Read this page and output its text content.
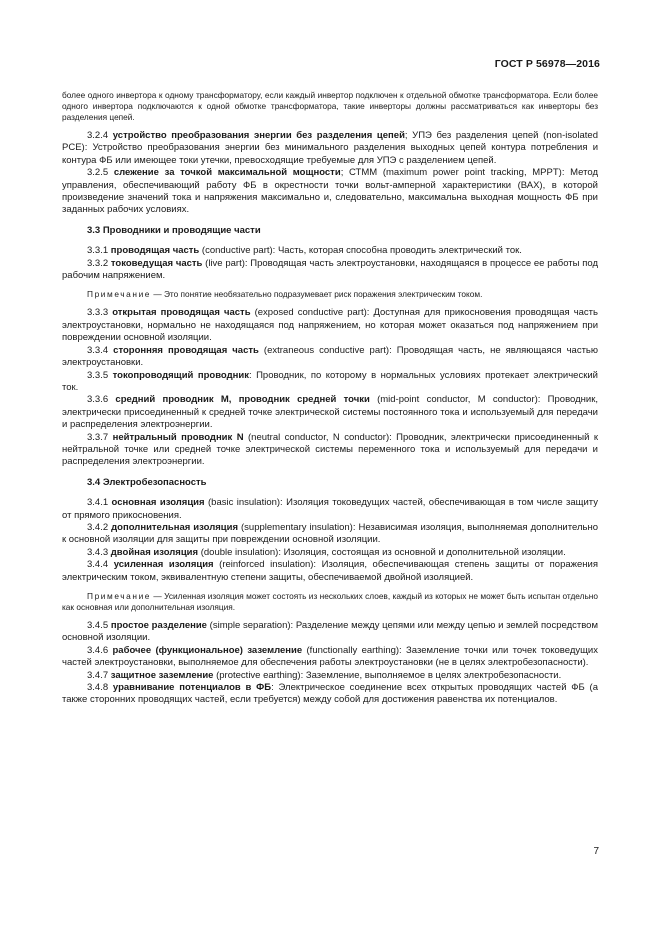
ГОСТ Р 56978—2016

более одного инвертора к одному трансформатору, если каждый инвертор подключен к отдельной обмотке трансформатора. Если более одного инвертора подключаются к одной обмотке трансформатора, такие инверторы должны рассматриваться как инверторы без разделения цепей.

3.2.4 устройство преобразования энергии без разделения цепей; УПЭ без разделения цепей (non-isolated PCE): Устройство преобразования энергии без минимального разделения выходных цепей контура потребления и контура ФБ или имеющее токи утечки, превосходящие требуемые для УПЭ с разделением цепей.

3.2.5 слежение за точкой максимальной мощности; СТММ (maximum power point tracking, MPPT): Метод управления, обеспечивающий работу ФБ в окрестности точки вольт-амперной характеристики (ВАХ), в которой произведение значений тока и напряжения максимально и, следовательно, максимальна выходная мощность ФБ при заданных рабочих условиях.

3.3 Проводники и проводящие части

3.3.1 проводящая часть (conductive part): Часть, которая способна проводить электрический ток.

3.3.2 токоведущая часть (live part): Проводящая часть электроустановки, находящаяся в процессе ее работы под рабочим напряжением.

Примечание — Это понятие необязательно подразумевает риск поражения электрическим током.

3.3.3 открытая проводящая часть (exposed conductive part): Доступная для прикосновения проводящая часть электроустановки, нормально не находящаяся под напряжением, но которая может оказаться под напряжением при повреждении основной изоляции.

3.3.4 сторонняя проводящая часть (extraneous conductive part): Проводящая часть, не являющаяся частью электроустановки.

3.3.5 токопроводящий проводник: Проводник, по которому в нормальных условиях протекает электрический ток.

3.3.6 средний проводник М, проводник средней точки (mid-point conductor, M conductor): Проводник, электрически присоединенный к средней точке электрической системы постоянного тока и используемый для передачи и распределения электроэнергии.

3.3.7 нейтральный проводник N (neutral conductor, N conductor): Проводник, электрически присоединенный к нейтральной точке или средней точке электрической системы переменного тока и используемый для передачи и распределения электроэнергии.

3.4 Электробезопасность

3.4.1 основная изоляция (basic insulation): Изоляция токоведущих частей, обеспечивающая в том числе защиту от прямого прикосновения.

3.4.2 дополнительная изоляция (supplementary insulation): Независимая изоляция, выполняемая дополнительно к основной изоляции для защиты при повреждении основной изоляции.

3.4.3 двойная изоляция (double insulation): Изоляция, состоящая из основной и дополнительной изоляции.

3.4.4 усиленная изоляция (reinforced insulation): Изоляция, обеспечивающая степень защиты от поражения электрическим током, эквивалентную степени защиты, обеспечиваемой двойной изоляцией.

Примечание — Усиленная изоляция может состоять из нескольких слоев, каждый из которых не может быть испытан отдельно как основная или дополнительная изоляция.

3.4.5 простое разделение (simple separation): Разделение между цепями или между цепью и землей посредством основной изоляции.

3.4.6 рабочее (функциональное) заземление (functionally earthing): Заземление точки или точек токоведущих частей электроустановки, выполняемое для обеспечения работы электроустановки (не в целях электробезопасности).

3.4.7 защитное заземление (protective earthing): Заземление, выполняемое в целях электробезопасности.

3.4.8 уравнивание потенциалов в ФБ: Электрическое соединение всех открытых проводящих частей ФБ (а также сторонних проводящих частей, если требуется) между собой для достижения равенства их потенциалов.

7
